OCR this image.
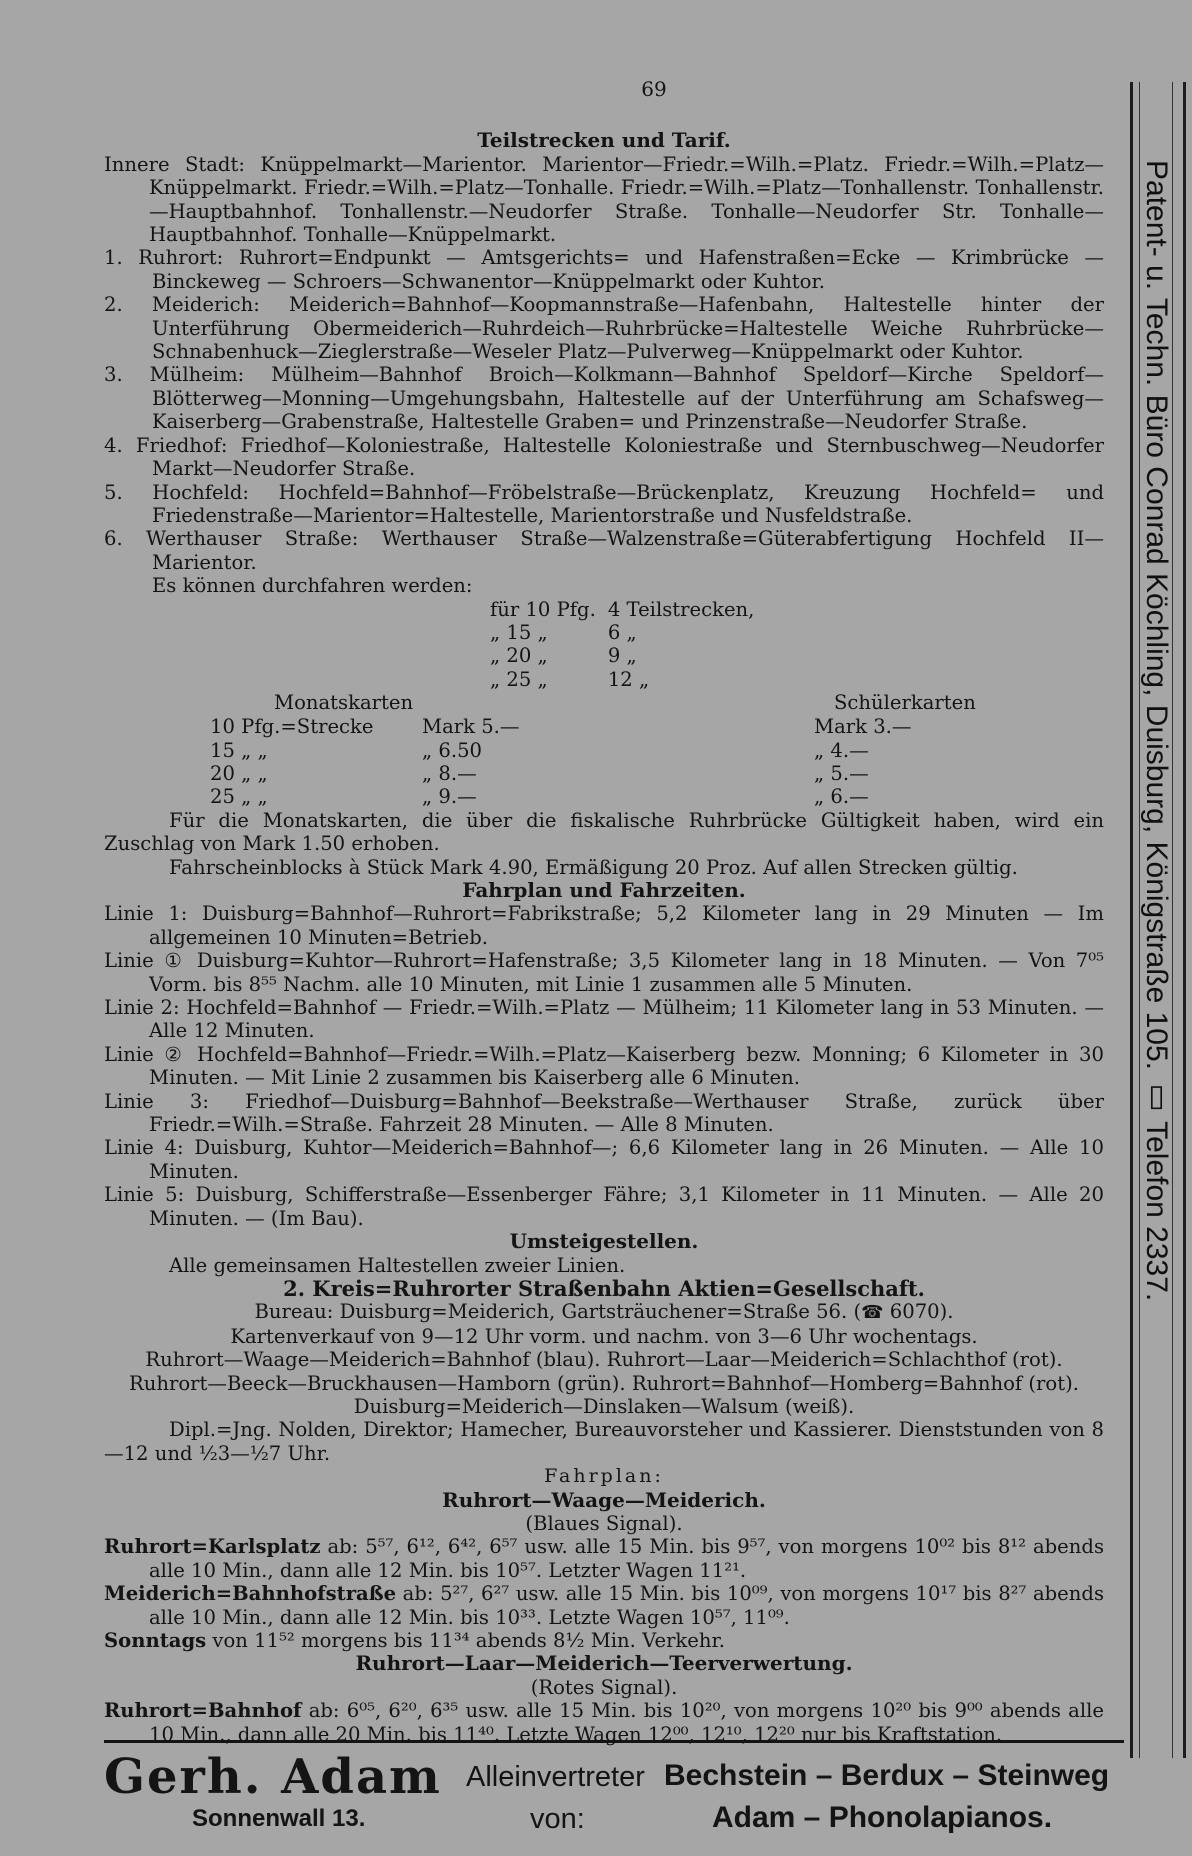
69
Teilstrecken und Tarif.
Innere Stadt: Knüppelmarkt—Marientor. Marientor—Friedr.=Wilh.=Platz. Friedr.=Wilh.=Platz—Knüppelmarkt. Friedr.=Wilh.=Platz—Tonhalle. Friedr.=Wilh.=Platz—Tonhallenstr. Tonhallenstr.—Hauptbahnhof. Tonhallenstr.—Neudorfer Straße. Tonhalle—Neudorfer Str. Tonhalle—Hauptbahnhof. Tonhalle—Knüppelmarkt.
1. Ruhrort: Ruhrort=Endpunkt — Amtsgerichts= und Hafenstraßen=Ecke — Krimbrücke — Binckeweg — Schroers—Schwanentor—Knüppelmarkt oder Kuhtor.
2. Meiderich: Meiderich=Bahnhof—Koopmannstraße—Hafenbahn, Haltestelle hinter der Unterführung Obermeiderich—Ruhrdeich—Ruhrbrücke=Haltestelle Weiche Ruhrbrücke—Schnabenhuck—Zieglerstraße—Weseler Platz—Pulverweg—Knüppelmarkt oder Kuhtor.
3. Mülheim: Mülheim—Bahnhof Broich—Kolkmann—Bahnhof Speldorf—Kirche Speldorf—Blötterweg—Monning—Umgehungsbahn, Haltestelle auf der Unterführung am Schafsweg—Kaiserberg—Grabenstraße, Haltestelle Graben= und Prinzenstraße—Neudorfer Straße.
4. Friedhof: Friedhof—Koloniestraße, Haltestelle Koloniestraße und Sternbuschweg—Neudorfer Markt—Neudorfer Straße.
5. Hochfeld: Hochfeld=Bahnhof—Fröbelstraße—Brückenplatz, Kreuzung Hochfeld= und Friedenstraße—Marientor=Haltestelle, Marientorstraße und Nusfeldstraße.
6. Werthauser Straße: Werthauser Straße—Walzenstraße=Güterabfertigung Hochfeld II—Marientor.
Es können durchfahren werden:
für 10 Pfg.	4 Teilstrecken,
„ 15 „	6 „
„ 20 „	9 „
„ 25 „	12 „
Monatskarten	Schülerkarten
10 Pfg.=Strecke	Mark 5.—	Mark 3.—
15 „ „	„ 6.50	„ 4.—
20 „ „	„ 8.—	„ 5.—
25 „ „	„ 9.—	„ 6.—
Für die Monatskarten, die über die fiskalische Ruhrbrücke Gültigkeit haben, wird ein Zuschlag von Mark 1.50 erhoben.
Fahrscheinblocks à Stück Mark 4.90, Ermäßigung 20 Proz. Auf allen Strecken gültig.
Fahrplan und Fahrzeiten.
Linie 1: Duisburg=Bahnhof—Ruhrort=Fabrikstraße; 5,2 Kilometer lang in 29 Minuten — Im allgemeinen 10 Minuten=Betrieb.
Linie ① Duisburg=Kuhtor—Ruhrort=Hafenstraße; 3,5 Kilometer lang in 18 Minuten. — Von 7⁰⁵ Vorm. bis 8⁵⁵ Nachm. alle 10 Minuten, mit Linie 1 zusammen alle 5 Minuten.
Linie 2: Hochfeld=Bahnhof — Friedr.=Wilh.=Platz — Mülheim; 11 Kilometer lang in 53 Minuten. — Alle 12 Minuten.
Linie ② Hochfeld=Bahnhof—Friedr.=Wilh.=Platz—Kaiserberg bezw. Monning; 6 Kilometer in 30 Minuten. — Mit Linie 2 zusammen bis Kaiserberg alle 6 Minuten.
Linie 3: Friedhof—Duisburg=Bahnhof—Beekstraße—Werthauser Straße, zurück über Friedr.=Wilh.=Straße. Fahrzeit 28 Minuten. — Alle 8 Minuten.
Linie 4: Duisburg, Kuhtor—Meiderich=Bahnhof—; 6,6 Kilometer lang in 26 Minuten. — Alle 10 Minuten.
Linie 5: Duisburg, Schifferstraße—Essenberger Fähre; 3,1 Kilometer in 11 Minuten. — Alle 20 Minuten. — (Im Bau).
Umsteigestellen.
Alle gemeinsamen Haltestellen zweier Linien.
2. Kreis=Ruhrorter Straßenbahn Aktien=Gesellschaft.
Bureau: Duisburg=Meiderich, Gartsträuchener=Straße 56. (☎ 6070).
Kartenverkauf von 9—12 Uhr vorm. und nachm. von 3—6 Uhr wochentags.
Ruhrort—Waage—Meiderich=Bahnhof (blau). Ruhrort—Laar—Meiderich=Schlachthof (rot).
Ruhrort—Beeck—Bruckhausen—Hamborn (grün). Ruhrort=Bahnhof—Homberg=Bahnhof (rot).
Duisburg=Meiderich—Dinslaken—Walsum (weiß).
Dipl.=Jng. Nolden, Direktor; Hamecher, Bureauvorsteher und Kassierer. Dienststunden von 8—12 und ½3—½7 Uhr.
Fahrplan:
Ruhrort—Waage—Meiderich.
(Blaues Signal).
Ruhrort=Karlsplatz ab: 5⁵⁷, 6¹², 6⁴², 6⁵⁷ usw. alle 15 Min. bis 9⁵⁷, von morgens 10⁰² bis 8¹² abends alle 10 Min., dann alle 12 Min. bis 10⁵⁷. Letzter Wagen 11²¹.
Meiderich=Bahnhofstraße ab: 5²⁷, 6²⁷ usw. alle 15 Min. bis 10⁰⁹, von morgens 10¹⁷ bis 8²⁷ abends alle 10 Min., dann alle 12 Min. bis 10³³. Letzte Wagen 10⁵⁷, 11⁰⁹.
Sonntags von 11⁵² morgens bis 11³⁴ abends 8½ Min. Verkehr.
Ruhrort—Laar—Meiderich—Teerverwertung.
(Rotes Signal).
Ruhrort=Bahnhof ab: 6⁰⁵, 6²⁰, 6³⁵ usw. alle 15 Min. bis 10²⁰, von morgens 10²⁰ bis 9⁰⁰ abends alle 10 Min., dann alle 20 Min. bis 11⁴⁰. Letzte Wagen 12⁰⁰, 12¹⁰, 12²⁰ nur bis Kraftstation.
Patent- u. Techn. Büro Conrad Köchling, Duisburg, Königstraße 105. ▯ Telefon 2337.
Gerh. Adam
Sonnenwall 13.
Alleinvertreter
von:
Bechstein – Berdux – Steinweg
Adam – Phonolapianos.
